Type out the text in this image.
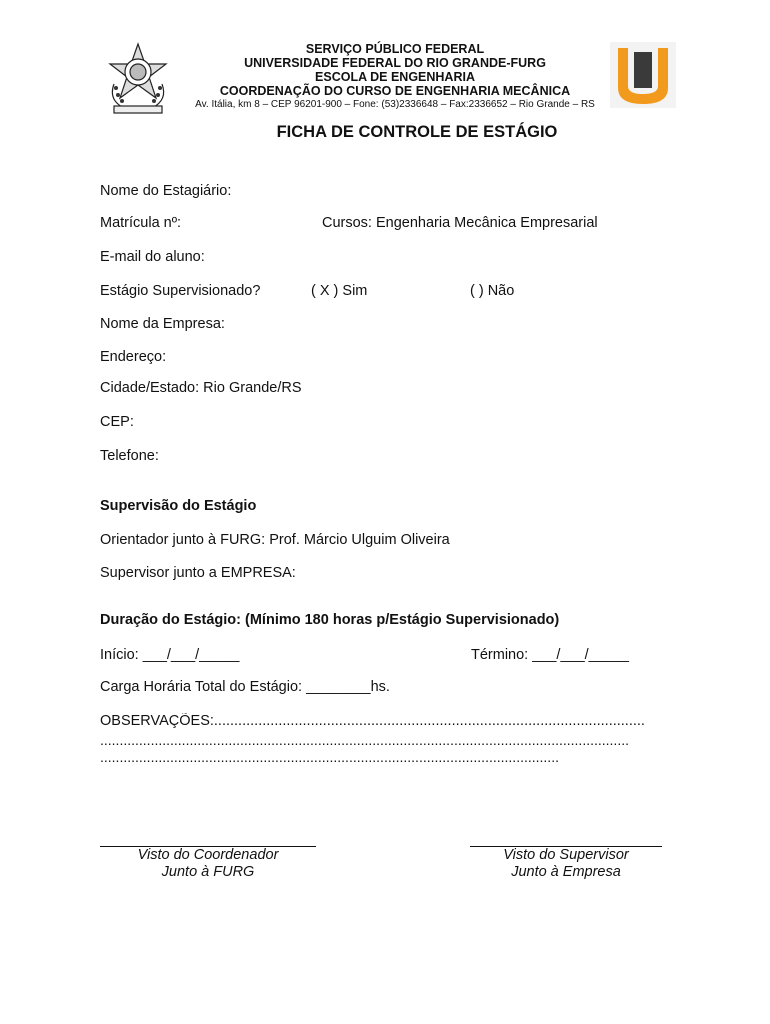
SERVIÇO PÚBLICO FEDERAL
UNIVERSIDADE FEDERAL DO RIO GRANDE-FURG
ESCOLA DE ENGENHARIA
COORDENAÇÃO DO CURSO DE ENGENHARIA MECÂNICA
Av. Itália, km 8 – CEP 96201-900 – Fone: (53)2336648 – Fax:2336652 – Rio Grande – RS
FICHA DE CONTROLE DE ESTÁGIO
Nome do Estagiário:
Matrícula nº:	Cursos: Engenharia Mecânica Empresarial
E-mail do aluno:
Estágio Supervisionado?	( X ) Sim	( ) Não
Nome da Empresa:
Endereço:
Cidade/Estado: Rio Grande/RS
CEP:
Telefone:
Supervisão do Estágio
Orientador junto à FURG: Prof. Márcio Ulguim Oliveira
Supervisor junto a EMPRESA:
Duração do Estágio: (Mínimo 180 horas p/Estágio Supervisionado)
Início: ___/___/_____	Término: ___/___/_____
Carga Horária Total do Estágio: ________hs.
OBSERVAÇÕES:...........................................................................................................
........................................................................................................................................
......................................................................................................................
Visto do Coordenador
Junto à FURG
Visto do Supervisor
Junto à Empresa
